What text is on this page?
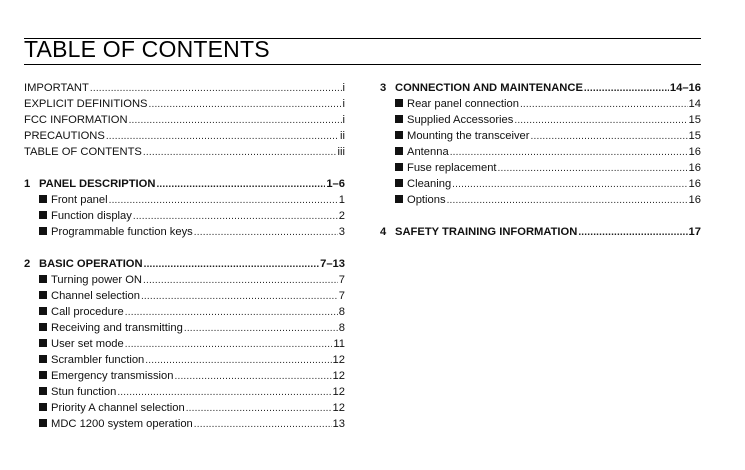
TABLE OF CONTENTS
IMPORTANT .....	i
EXPLICIT DEFINITIONS .....	i
FCC INFORMATION .....	i
PRECAUTIONS .....	ii
TABLE OF CONTENTS .....	iii
1 PANEL DESCRIPTION .....	1–6
Front panel .....	1
Function display .....	2
Programmable function keys .....	3
2 BASIC OPERATION .....	7–13
Turning power ON .....	7
Channel selection .....	7
Call procedure .....	8
Receiving and transmitting .....	8
User set mode .....	11
Scrambler function .....	12
Emergency transmission .....	12
Stun function .....	12
Priority A channel selection .....	12
MDC 1200 system operation .....	13
3 CONNECTION AND MAINTENANCE .....	14–16
Rear panel connection .....	14
Supplied Accessories .....	15
Mounting the transceiver .....	15
Antenna .....	16
Fuse replacement .....	16
Cleaning .....	16
Options .....	16
4 SAFETY TRAINING INFORMATION .....	17
